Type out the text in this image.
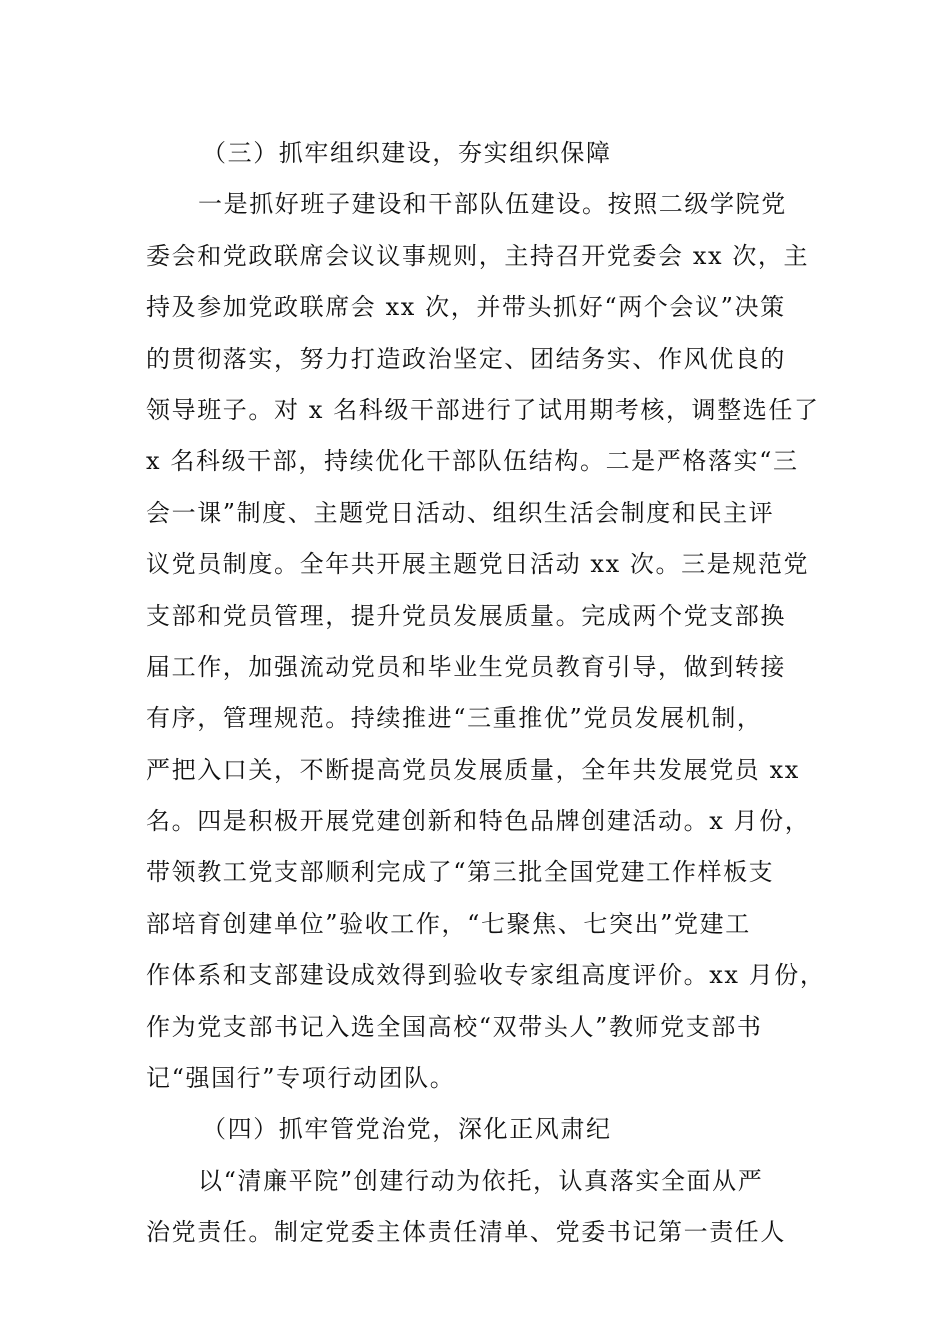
（三）抓牢组织建设，夯实组织保障
一是抓好班子建设和干部队伍建设。按照二级学院党
委会和党政联席会议议事规则，主持召开党委会 xx 次，主
持及参加党政联席会 xx 次，并带头抓好“两个会议”决策
的贯彻落实，努力打造政治坚定、团结务实、作风优良的
领导班子。对 x 名科级干部进行了试用期考核，调整选任了
x 名科级干部，持续优化干部队伍结构。二是严格落实“三
会一课”制度、主题党日活动、组织生活会制度和民主评
议党员制度。全年共开展主题党日活动 xx 次。三是规范党
支部和党员管理，提升党员发展质量。完成两个党支部换
届工作，加强流动党员和毕业生党员教育引导，做到转接
有序，管理规范。持续推进“三重推优”党员发展机制，
严把入口关，不断提高党员发展质量，全年共发展党员 xx
名。四是积极开展党建创新和特色品牌创建活动。x 月份，
带领教工党支部顺利完成了“第三批全国党建工作样板支
部培育创建单位”验收工作，“七聚焦、七突出”党建工
作体系和支部建设成效得到验收专家组高度评价。xx 月份，
作为党支部书记入选全国高校“双带头人”教师党支部书
记“强国行”专项行动团队。
（四）抓牢管党治党，深化正风肃纪
以“清廉平院”创建行动为依托，认真落实全面从严
治党责任。制定党委主体责任清单、党委书记第一责任人
